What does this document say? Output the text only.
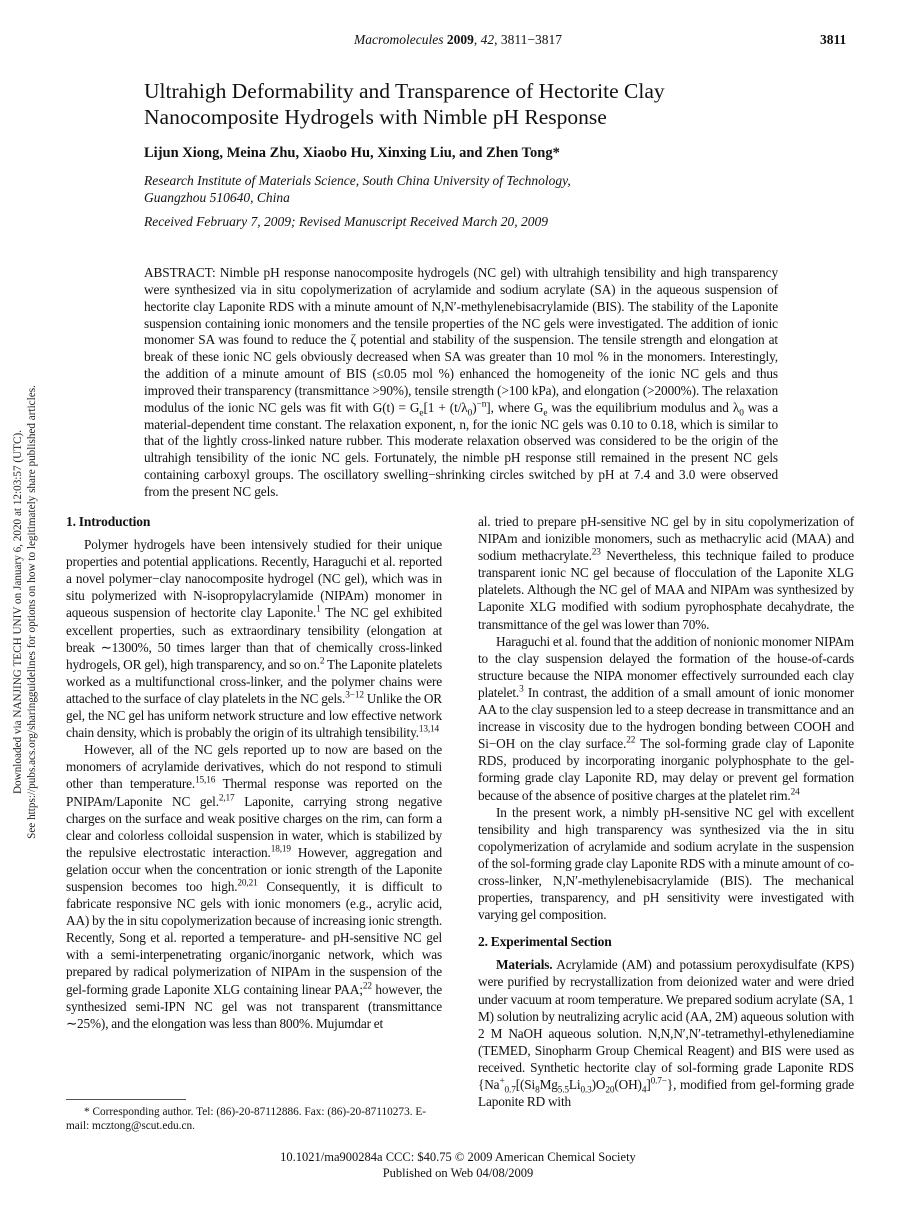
Macromolecules 2009, 42, 3811−3817	3811
Ultrahigh Deformability and Transparence of Hectorite Clay Nanocomposite Hydrogels with Nimble pH Response
Lijun Xiong, Meina Zhu, Xiaobo Hu, Xinxing Liu, and Zhen Tong*
Research Institute of Materials Science, South China University of Technology,
Guangzhou 510640, China
Received February 7, 2009; Revised Manuscript Received March 20, 2009
ABSTRACT: Nimble pH response nanocomposite hydrogels (NC gel) with ultrahigh tensibility and high transparency were synthesized via in situ copolymerization of acrylamide and sodium acrylate (SA) in the aqueous suspension of hectorite clay Laponite RDS with a minute amount of N,N′-methylenebisacrylamide (BIS). The stability of the Laponite suspension containing ionic monomers and the tensile properties of the NC gels were investigated. The addition of ionic monomer SA was found to reduce the ζ potential and stability of the suspension. The tensile strength and elongation at break of these ionic NC gels obviously decreased when SA was greater than 10 mol % in the monomers. Interestingly, the addition of a minute amount of BIS (≤0.05 mol %) enhanced the homogeneity of the ionic NC gels and thus improved their transparency (transmittance >90%), tensile strength (>100 kPa), and elongation (>2000%). The relaxation modulus of the ionic NC gels was fit with $G(t) = G_e[1 + (t/\lambda_0)^{-n}]$, where $G_e$ was the equilibrium modulus and $\lambda_0$ was a material-dependent time constant. The relaxation exponent, n, for the ionic NC gels was 0.10 to 0.18, which is similar to that of the lightly cross-linked nature rubber. This moderate relaxation observed was considered to be the origin of the ultrahigh tensibility of the ionic NC gels. Fortunately, the nimble pH response still remained in the present NC gels containing carboxyl groups. The oscillatory swelling−shrinking circles switched by pH at 7.4 and 3.0 were observed from the present NC gels.
1. Introduction

Polymer hydrogels have been intensively studied for their unique properties and potential applications. Recently, Haraguchi et al. reported a novel polymer−clay nanocomposite hydrogel (NC gel), which was in situ polymerized with N-isopropylacrylamide (NIPAm) monomer in aqueous suspension of hectorite clay Laponite.$^1$ The NC gel exhibited excellent properties, such as extraordinary tensibility (elongation at break ∼1300%, 50 times larger than that of chemically cross-linked hydrogels, OR gel), high transparency, and so on.$^2$ The Laponite platelets worked as a multifunctional cross-linker, and the polymer chains were attached to the surface of clay platelets in the NC gels.$^{3-12}$ Unlike the OR gel, the NC gel has uniform network structure and low effective network chain density, which is probably the origin of its ultrahigh tensibility.$^{13,14}$

However, all of the NC gels reported up to now are based on the monomers of acrylamide derivatives, which do not respond to stimuli other than temperature.$^{15,16}$ Thermal response was reported on the PNIPAm/Laponite NC gel.$^{2,17}$ Laponite, carrying strong negative charges on the surface and weak positive charges on the rim, can form a clear and colorless colloidal suspension in water, which is stabilized by the repulsive electrostatic interaction.$^{18,19}$ However, aggregation and gelation occur when the concentration or ionic strength of the Laponite suspension becomes too high.$^{20,21}$ Consequently, it is difficult to fabricate responsive NC gels with ionic monomers (e.g., acrylic acid, AA) by the in situ copolymerization because of increasing ionic strength. Recently, Song et al. reported a temperature- and pH-sensitive NC gel with a semi-interpenetrating organic/inorganic network, which was prepared by radical polymerization of NIPAm in the suspension of the gel-forming grade Laponite XLG containing linear PAA;$^{22}$ however, the synthesized semi-IPN NC gel was not transparent (transmittance ∼25%), and the elongation was less than 800%. Mujumdar et

al. tried to prepare pH-sensitive NC gel by in situ copolymerization of NIPAm and ionizible monomers, such as methacrylic acid (MAA) and sodium methacrylate.$^{23}$ Nevertheless, this technique failed to produce transparent ionic NC gel because of flocculation of the Laponite XLG platelets. Although the NC gel of MAA and NIPAm was synthesized by Laponite XLG modified with sodium pyrophosphate decahydrate, the transmittance of the gel was lower than 70%.

Haraguchi et al. found that the addition of nonionic monomer NIPAm to the clay suspension delayed the formation of the house-of-cards structure because the NIPA monomer effectively surrounded each clay platelet.$^3$ In contrast, the addition of a small amount of ionic monomer AA to the clay suspension led to a steep decrease in transmittance and an increase in viscosity due to the hydrogen bonding between COOH and Si−OH on the clay surface.$^{22}$ The sol-forming grade clay of Laponite RDS, produced by incorporating inorganic polyphosphate to the gel-forming grade clay Laponite RD, may delay or prevent gel formation because of the absence of positive charges at the platelet rim.$^{24}$

In the present work, a nimbly pH-sensitive NC gel with excellent tensibility and high transparency was synthesized via the in situ copolymerization of acrylamide and sodium acrylate in the suspension of the sol-forming grade clay Laponite RDS with a minute amount of co-cross-linker, N,N′-methylenebisacrylamide (BIS). The mechanical properties, transparency, and pH sensitivity were investigated with varying gel composition.

2. Experimental Section

Materials. Acrylamide (AM) and potassium peroxydisulfate (KPS) were purified by recrystallization from deionized water and were dried under vacuum at room temperature. We prepared sodium acrylate (SA, 1 M) solution by neutralizing acrylic acid (AA, 2M) aqueous solution with 2 M NaOH aqueous solution. N,N,N′,N′-tetramethyl-ethylenediamine (TEMED, Sinopharm Group Chemical Reagent) and BIS were used as received. Synthetic hectorite clay of sol-forming grade Laponite RDS $\{Na^+_{0.7}[(Si_8Mg_{5.5}Li_{0.3})O_{20}(OH)_4]^{0.7-}\}$, modified from gel-forming grade Laponite RD with

* Corresponding author. Tel: (86)-20-87112886. Fax: (86)-20-87110273. E-mail: mcztong@scut.edu.cn.
10.1021/ma900284a CCC: $40.75 © 2009 American Chemical Society
Published on Web 04/08/2009
Downloaded via NANJING TECH UNIV on January 6, 2020 at 12:03:57 (UTC). See https://pubs.acs.org/sharingguidelines for options on how to legitimately share published articles.
